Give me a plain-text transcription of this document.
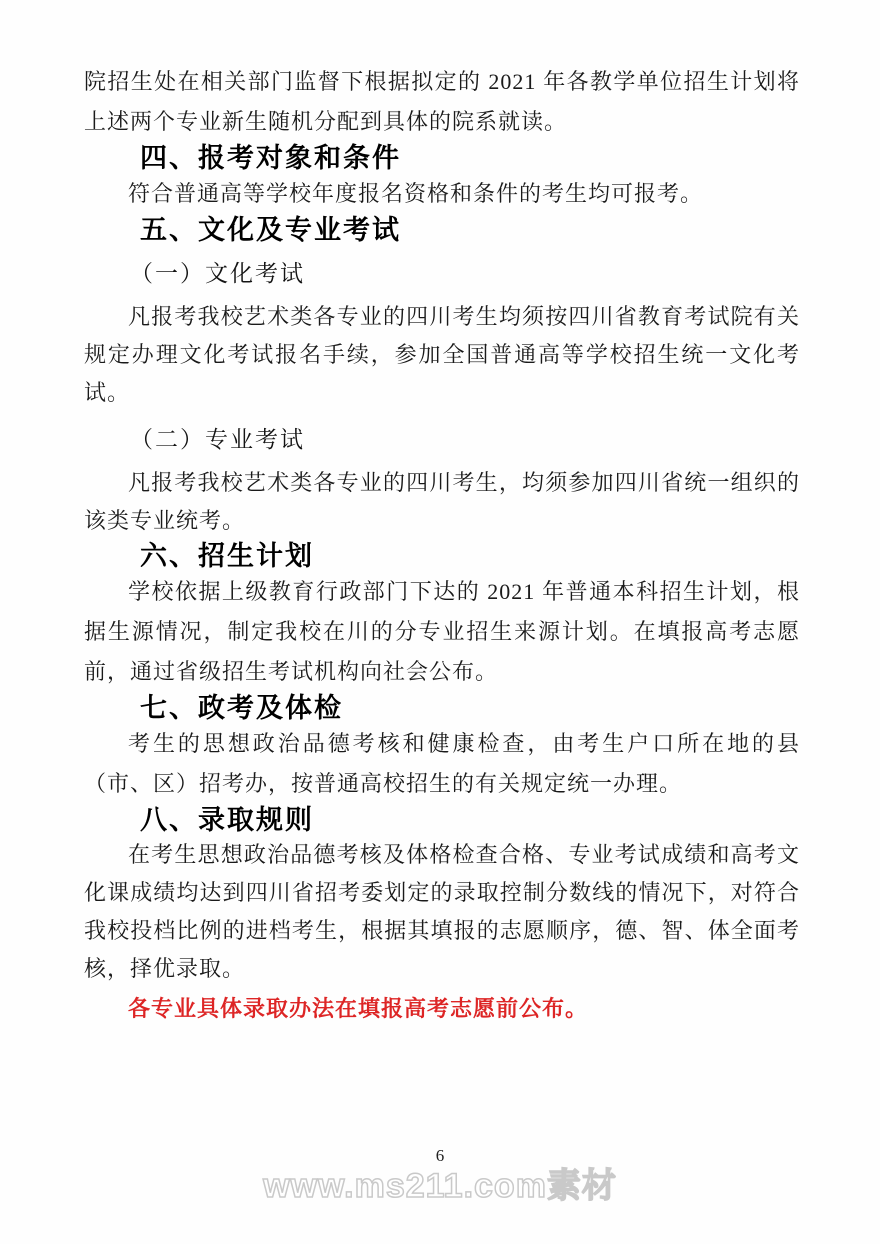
院招生处在相关部门监督下根据拟定的 2021 年各教学单位招生计划将上述两个专业新生随机分配到具体的院系就读。

四、报考对象和条件

符合普通高等学校年度报名资格和条件的考生均可报考。

五、文化及专业考试
（一）文化考试

凡报考我校艺术类各专业的四川考生均须按四川省教育考试院有关规定办理文化考试报名手续，参加全国普通高等学校招生统一文化考试。

（二）专业考试

凡报考我校艺术类各专业的四川考生，均须参加四川省统一组织的该类专业统考。

六、招生计划

学校依据上级教育行政部门下达的 2021 年普通本科招生计划，根据生源情况，制定我校在川的分专业招生来源计划。在填报高考志愿前，通过省级招生考试机构向社会公布。

七、政考及体检

考生的思想政治品德考核和健康检查，由考生户口所在地的县（市、区）招考办，按普通高校招生的有关规定统一办理。

八、录取规则

在考生思想政治品德考核及体格检查合格、专业考试成绩和高考文化课成绩均达到四川省招考委划定的录取控制分数线的情况下，对符合我校投档比例的进档考生，根据其填报的志愿顺序，德、智、体全面考核，择优录取。

各专业具体录取办法在填报高考志愿前公布。

6
www.ms211.com素材
